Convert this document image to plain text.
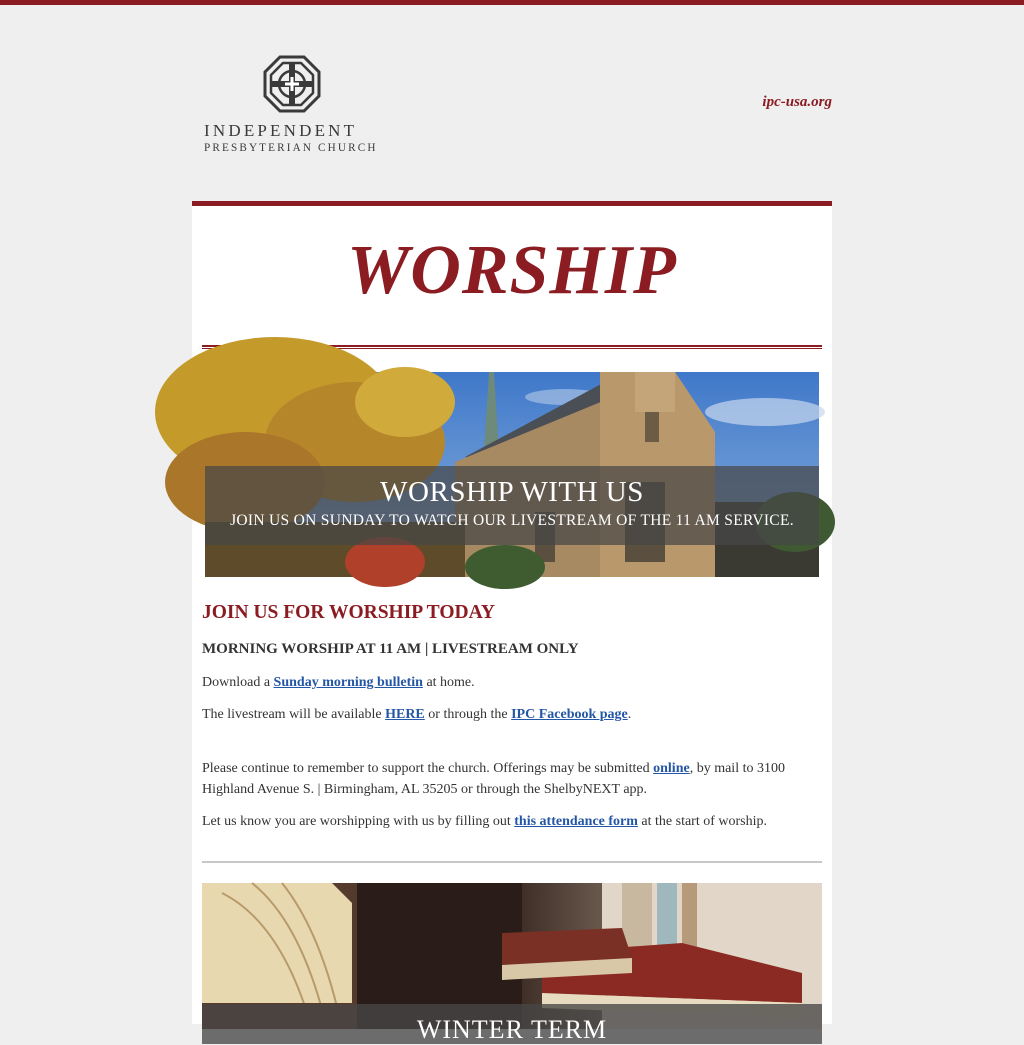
INDEPENDENT
PRESBYTERIAN CHURCH
ipc-usa.org
WORSHIP
WORSHIP WITH US
JOIN US ON SUNDAY TO WATCH OUR LIVESTREAM OF THE 11 AM SERVICE.
JOIN US FOR WORSHIP TODAY
MORNING WORSHIP AT 11 AM | LIVESTREAM ONLY

Download a Sunday morning bulletin at home.

The livestream will be available HERE or through the IPC Facebook page.

Please continue to remember to support the church. Offerings may be submitted online, by mail to 3100 Highland Avenue S. | Birmingham, AL 35205 or through the ShelbyNEXT app.

Let us know you are worshipping with us by filling out this attendance form at the start of worship.

WINTER TERM
